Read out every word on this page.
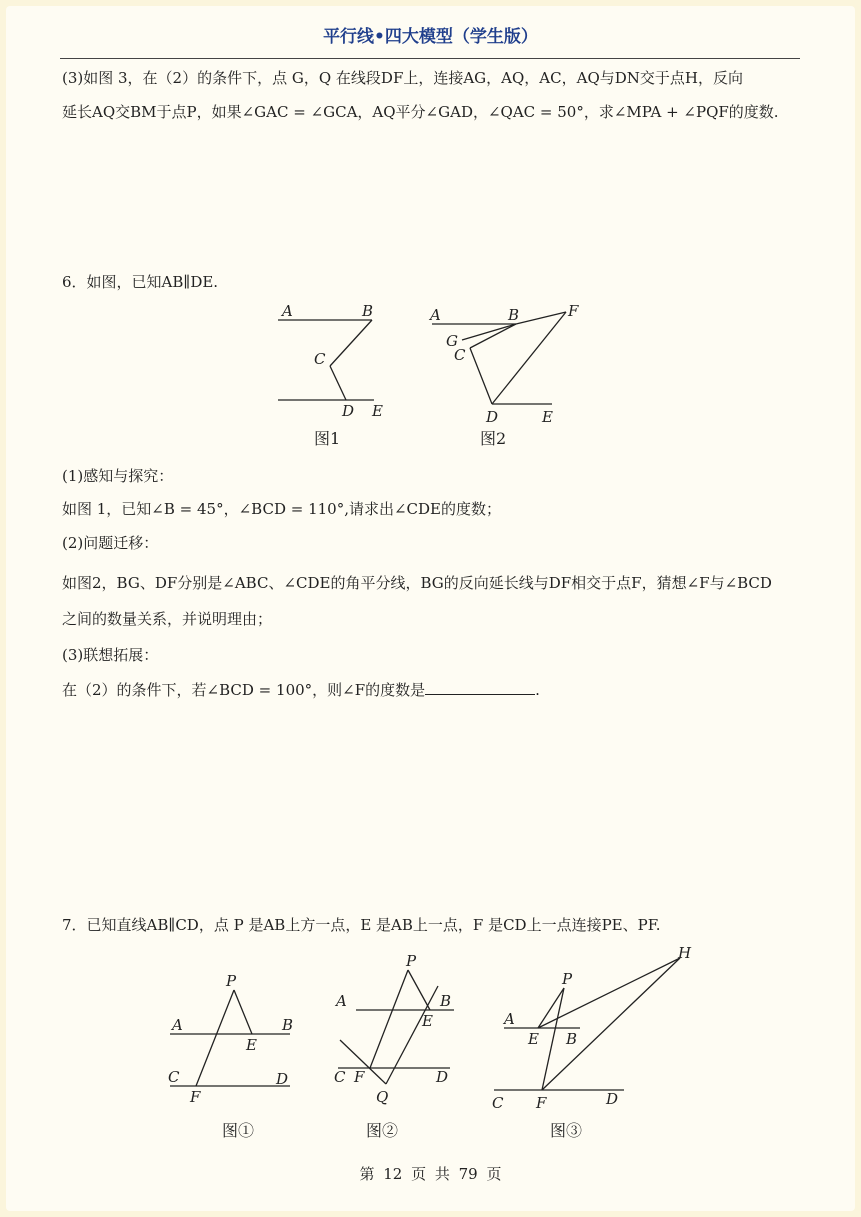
平行线•四大模型（学生版）
(3)如图 3，在（2）的条件下，点 G，Q 在线段DF上，连接AG，AQ，AC，AQ与DN交于点H，反向
延长AQ交BM于点P，如果∠GAC = ∠GCA，AQ平分∠GAD，∠QAC = 50°，求∠MPA + ∠PQF的度数.
6．如图，已知AB∥DE.
A	B
C
D E
图1
A	B	F
G
C
D	E
图2
(1)感知与探究：
如图 1，已知∠B = 45°，∠BCD = 110°,请求出∠CDE的度数；
(2)问题迁移：
如图2，BG、DF分别是∠ABC、∠CDE的角平分线，BG的反向延长线与DF相交于点F，猜想∠F与∠BCD
之间的数量关系，并说明理由；
(3)联想拓展：
在（2）的条件下，若∠BCD = 100°，则∠F的度数是	.
7．已知直线AB∥CD，点 P 是AB上方一点，E 是AB上一点，F 是CD上一点连接PE、PF.
P
A	B
E
C	D
F
图①
P
A	B
E
C F	D
Q
图②
P
H
A
E B
C F	D
图③
第 12 页 共 79 页
